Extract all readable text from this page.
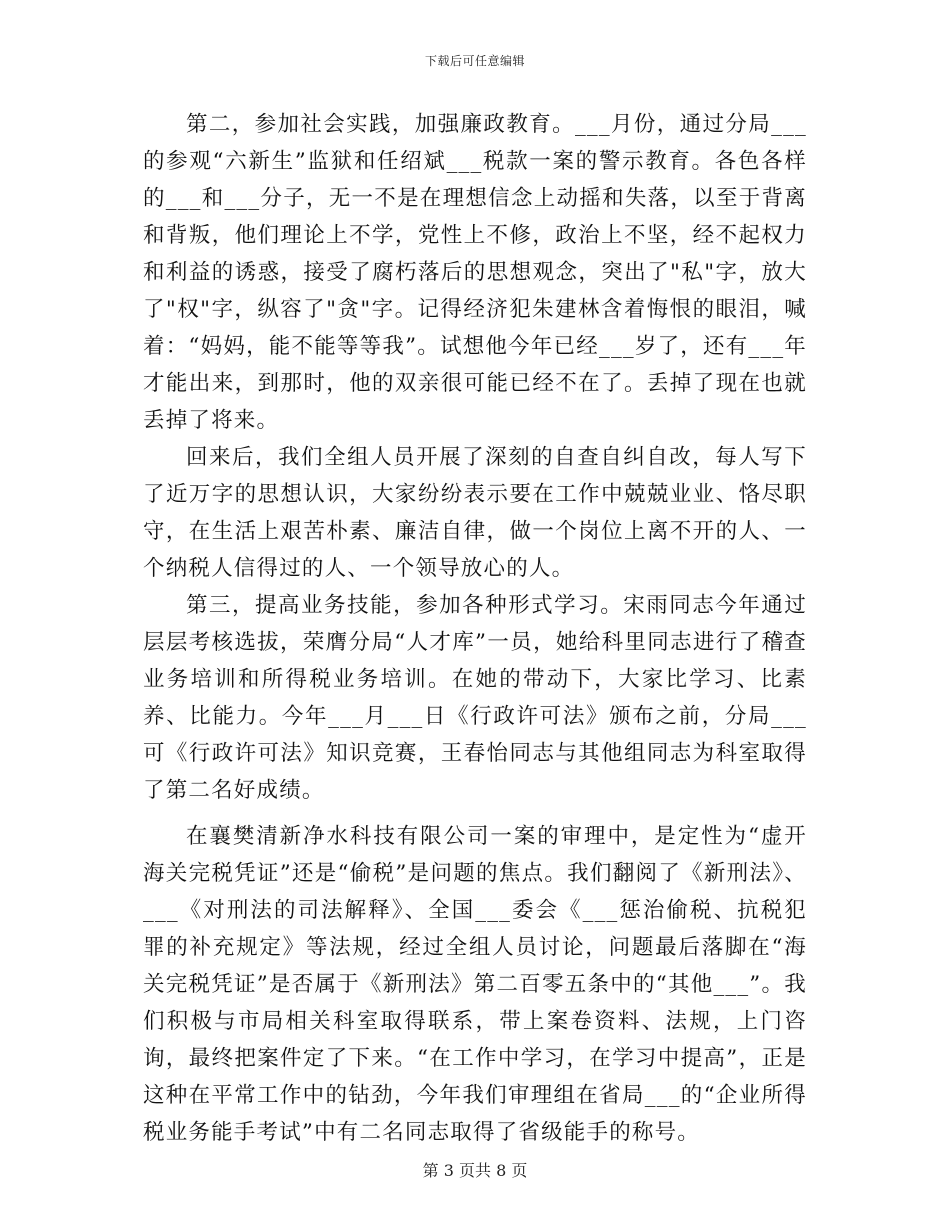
下载后可任意编辑

第二，参加社会实践，加强廉政教育。___月份，通过分局___的参观“六新生”监狱和任绍斌___税款一案的警示教育。各色各样的___和___分子，无一不是在理想信念上动摇和失落，以至于背离和背叛，他们理论上不学，党性上不修，政治上不坚，经不起权力和利益的诱惑，接受了腐朽落后的思想观念，突出了"私"字，放大了"权"字，纵容了"贪"字。记得经济犯朱建林含着悔恨的眼泪，喊着：“妈妈，能不能等等我”。试想他今年已经___岁了，还有___年才能出来，到那时，他的双亲很可能已经不在了。丢掉了现在也就丢掉了将来。

回来后，我们全组人员开展了深刻的自查自纠自改，每人写下了近万字的思想认识，大家纷纷表示要在工作中兢兢业业、恪尽职守，在生活上艰苦朴素、廉洁自律，做一个岗位上离不开的人、一个纳税人信得过的人、一个领导放心的人。

第三，提高业务技能，参加各种形式学习。宋雨同志今年通过层层考核选拔，荣膺分局“人才库”一员，她给科里同志进行了稽查业务培训和所得税业务培训。在她的带动下，大家比学习、比素养、比能力。今年___月___日《行政许可法》颁布之前，分局___可《行政许可法》知识竞赛，王春怡同志与其他组同志为科室取得了第二名好成绩。

在襄樊清新净水科技有限公司一案的审理中，是定性为“虚开海关完税凭证”还是“偷税”是问题的焦点。我们翻阅了《新刑法》、___《对刑法的司法解释》、全国___委会《___惩治偷税、抗税犯罪的补充规定》等法规，经过全组人员讨论，问题最后落脚在“海关完税凭证”是否属于《新刑法》第二百零五条中的“其他___”。我们积极与市局相关科室取得联系，带上案卷资料、法规，上门咨询，最终把案件定了下来。“在工作中学习，在学习中提高”，正是这种在平常工作中的钻劲，今年我们审理组在省局___的“企业所得税业务能手考试”中有二名同志取得了省级能手的称号。

第 3 页共 8 页
